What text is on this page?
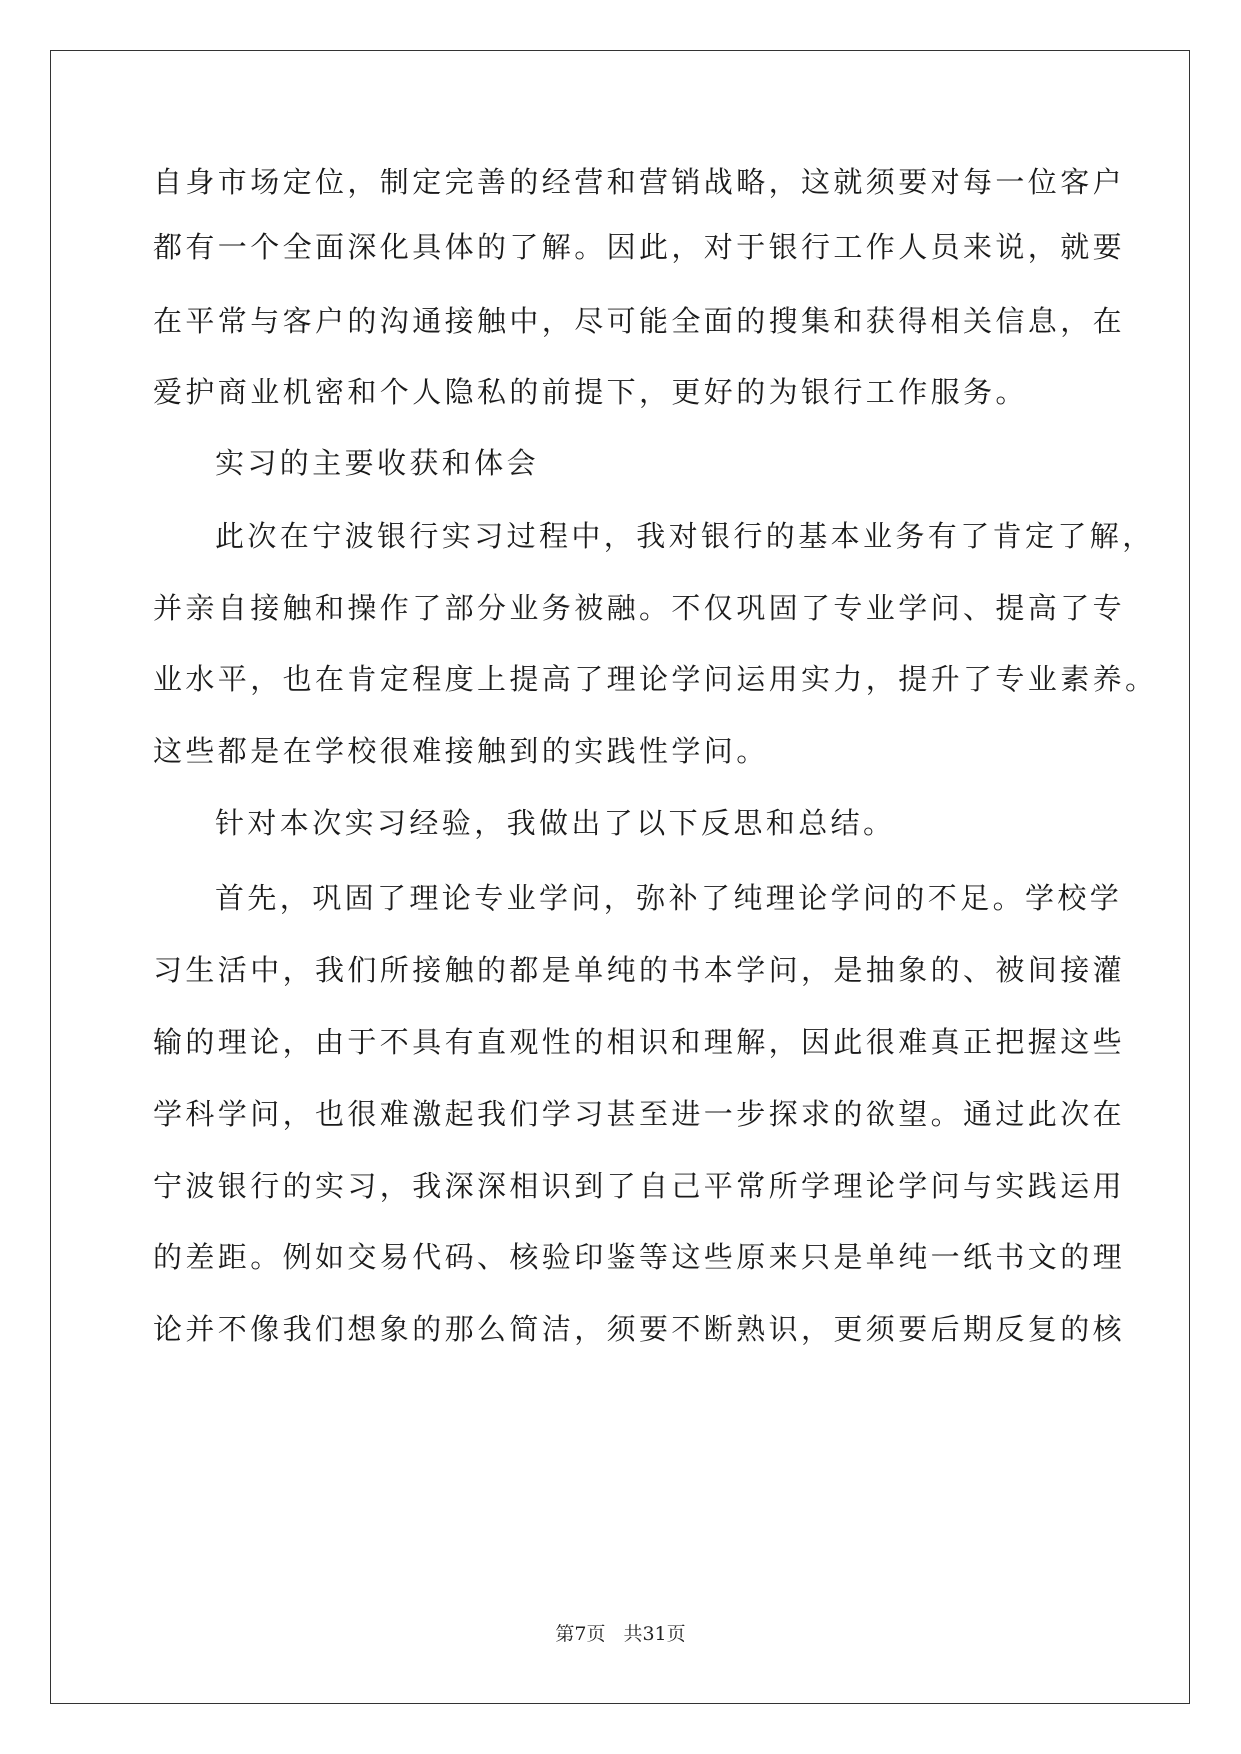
自身市场定位，制定完善的经营和营销战略，这就须要对每一位客户
都有一个全面深化具体的了解。因此，对于银行工作人员来说，就要
在平常与客户的沟通接触中，尽可能全面的搜集和获得相关信息，在
爱护商业机密和个人隐私的前提下，更好的为银行工作服务。
实习的主要收获和体会
此次在宁波银行实习过程中，我对银行的基本业务有了肯定了解，
并亲自接触和操作了部分业务被融。不仅巩固了专业学问、提高了专
业水平，也在肯定程度上提高了理论学问运用实力，提升了专业素养。
这些都是在学校很难接触到的实践性学问。
针对本次实习经验，我做出了以下反思和总结。
首先，巩固了理论专业学问，弥补了纯理论学问的不足。学校学
习生活中，我们所接触的都是单纯的书本学问，是抽象的、被间接灌
输的理论，由于不具有直观性的相识和理解，因此很难真正把握这些
学科学问，也很难激起我们学习甚至进一步探求的欲望。通过此次在
宁波银行的实习，我深深相识到了自己平常所学理论学问与实践运用
的差距。例如交易代码、核验印鉴等这些原来只是单纯一纸书文的理
论并不像我们想象的那么简洁，须要不断熟识，更须要后期反复的核
第7页 共31页
